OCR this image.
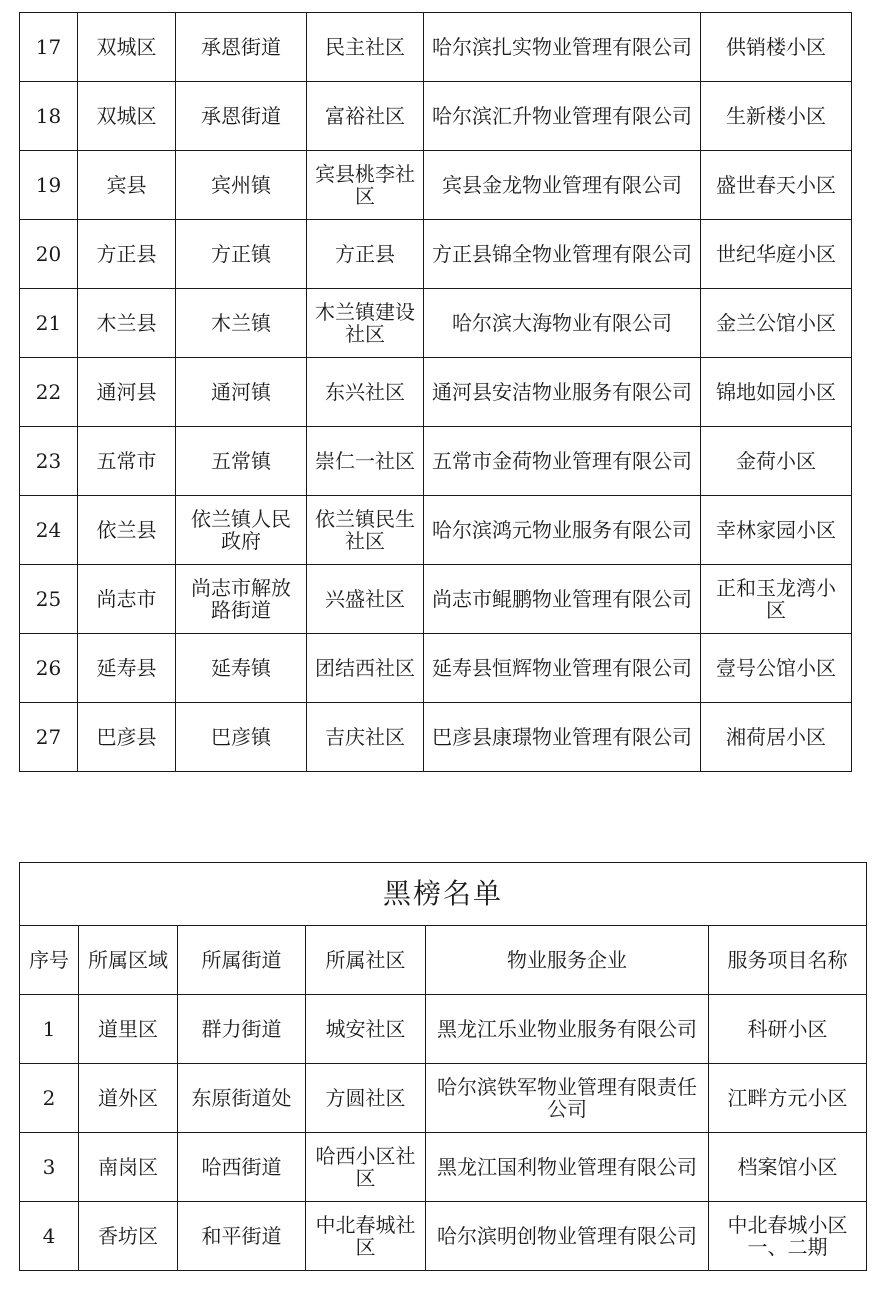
17	双城区	承恩街道	民主社区	哈尔滨扎实物业管理有限公司	供销楼小区
18	双城区	承恩街道	富裕社区	哈尔滨汇升物业管理有限公司	生新楼小区
19	宾县	宾州镇	宾县桃李社区	宾县金龙物业管理有限公司	盛世春天小区
20	方正县	方正镇	方正县	方正县锦全物业管理有限公司	世纪华庭小区
21	木兰县	木兰镇	木兰镇建设社区	哈尔滨大海物业有限公司	金兰公馆小区
22	通河县	通河镇	东兴社区	通河县安洁物业服务有限公司	锦地如园小区
23	五常市	五常镇	崇仁一社区	五常市金荷物业管理有限公司	金荷小区
24	依兰县	依兰镇人民政府	依兰镇民生社区	哈尔滨鸿元物业服务有限公司	幸林家园小区
25	尚志市	尚志市解放路街道	兴盛社区	尚志市鲲鹏物业管理有限公司	正和玉龙湾小区
26	延寿县	延寿镇	团结西社区	延寿县恒辉物业管理有限公司	壹号公馆小区
27	巴彦县	巴彦镇	吉庆社区	巴彦县康璟物业管理有限公司	湘荷居小区
黑榜名单					
序号	所属区域	所属街道	所属社区	物业服务企业	服务项目名称
1	道里区	群力街道	城安社区	黑龙江乐业物业服务有限公司	科研小区
2	道外区	东原街道处	方圆社区	哈尔滨铁军物业管理有限责任公司	江畔方元小区
3	南岗区	哈西街道	哈西小区社区	黑龙江国利物业管理有限公司	档案馆小区
4	香坊区	和平街道	中北春城社区	哈尔滨明创物业管理有限公司	中北春城小区一、二期
